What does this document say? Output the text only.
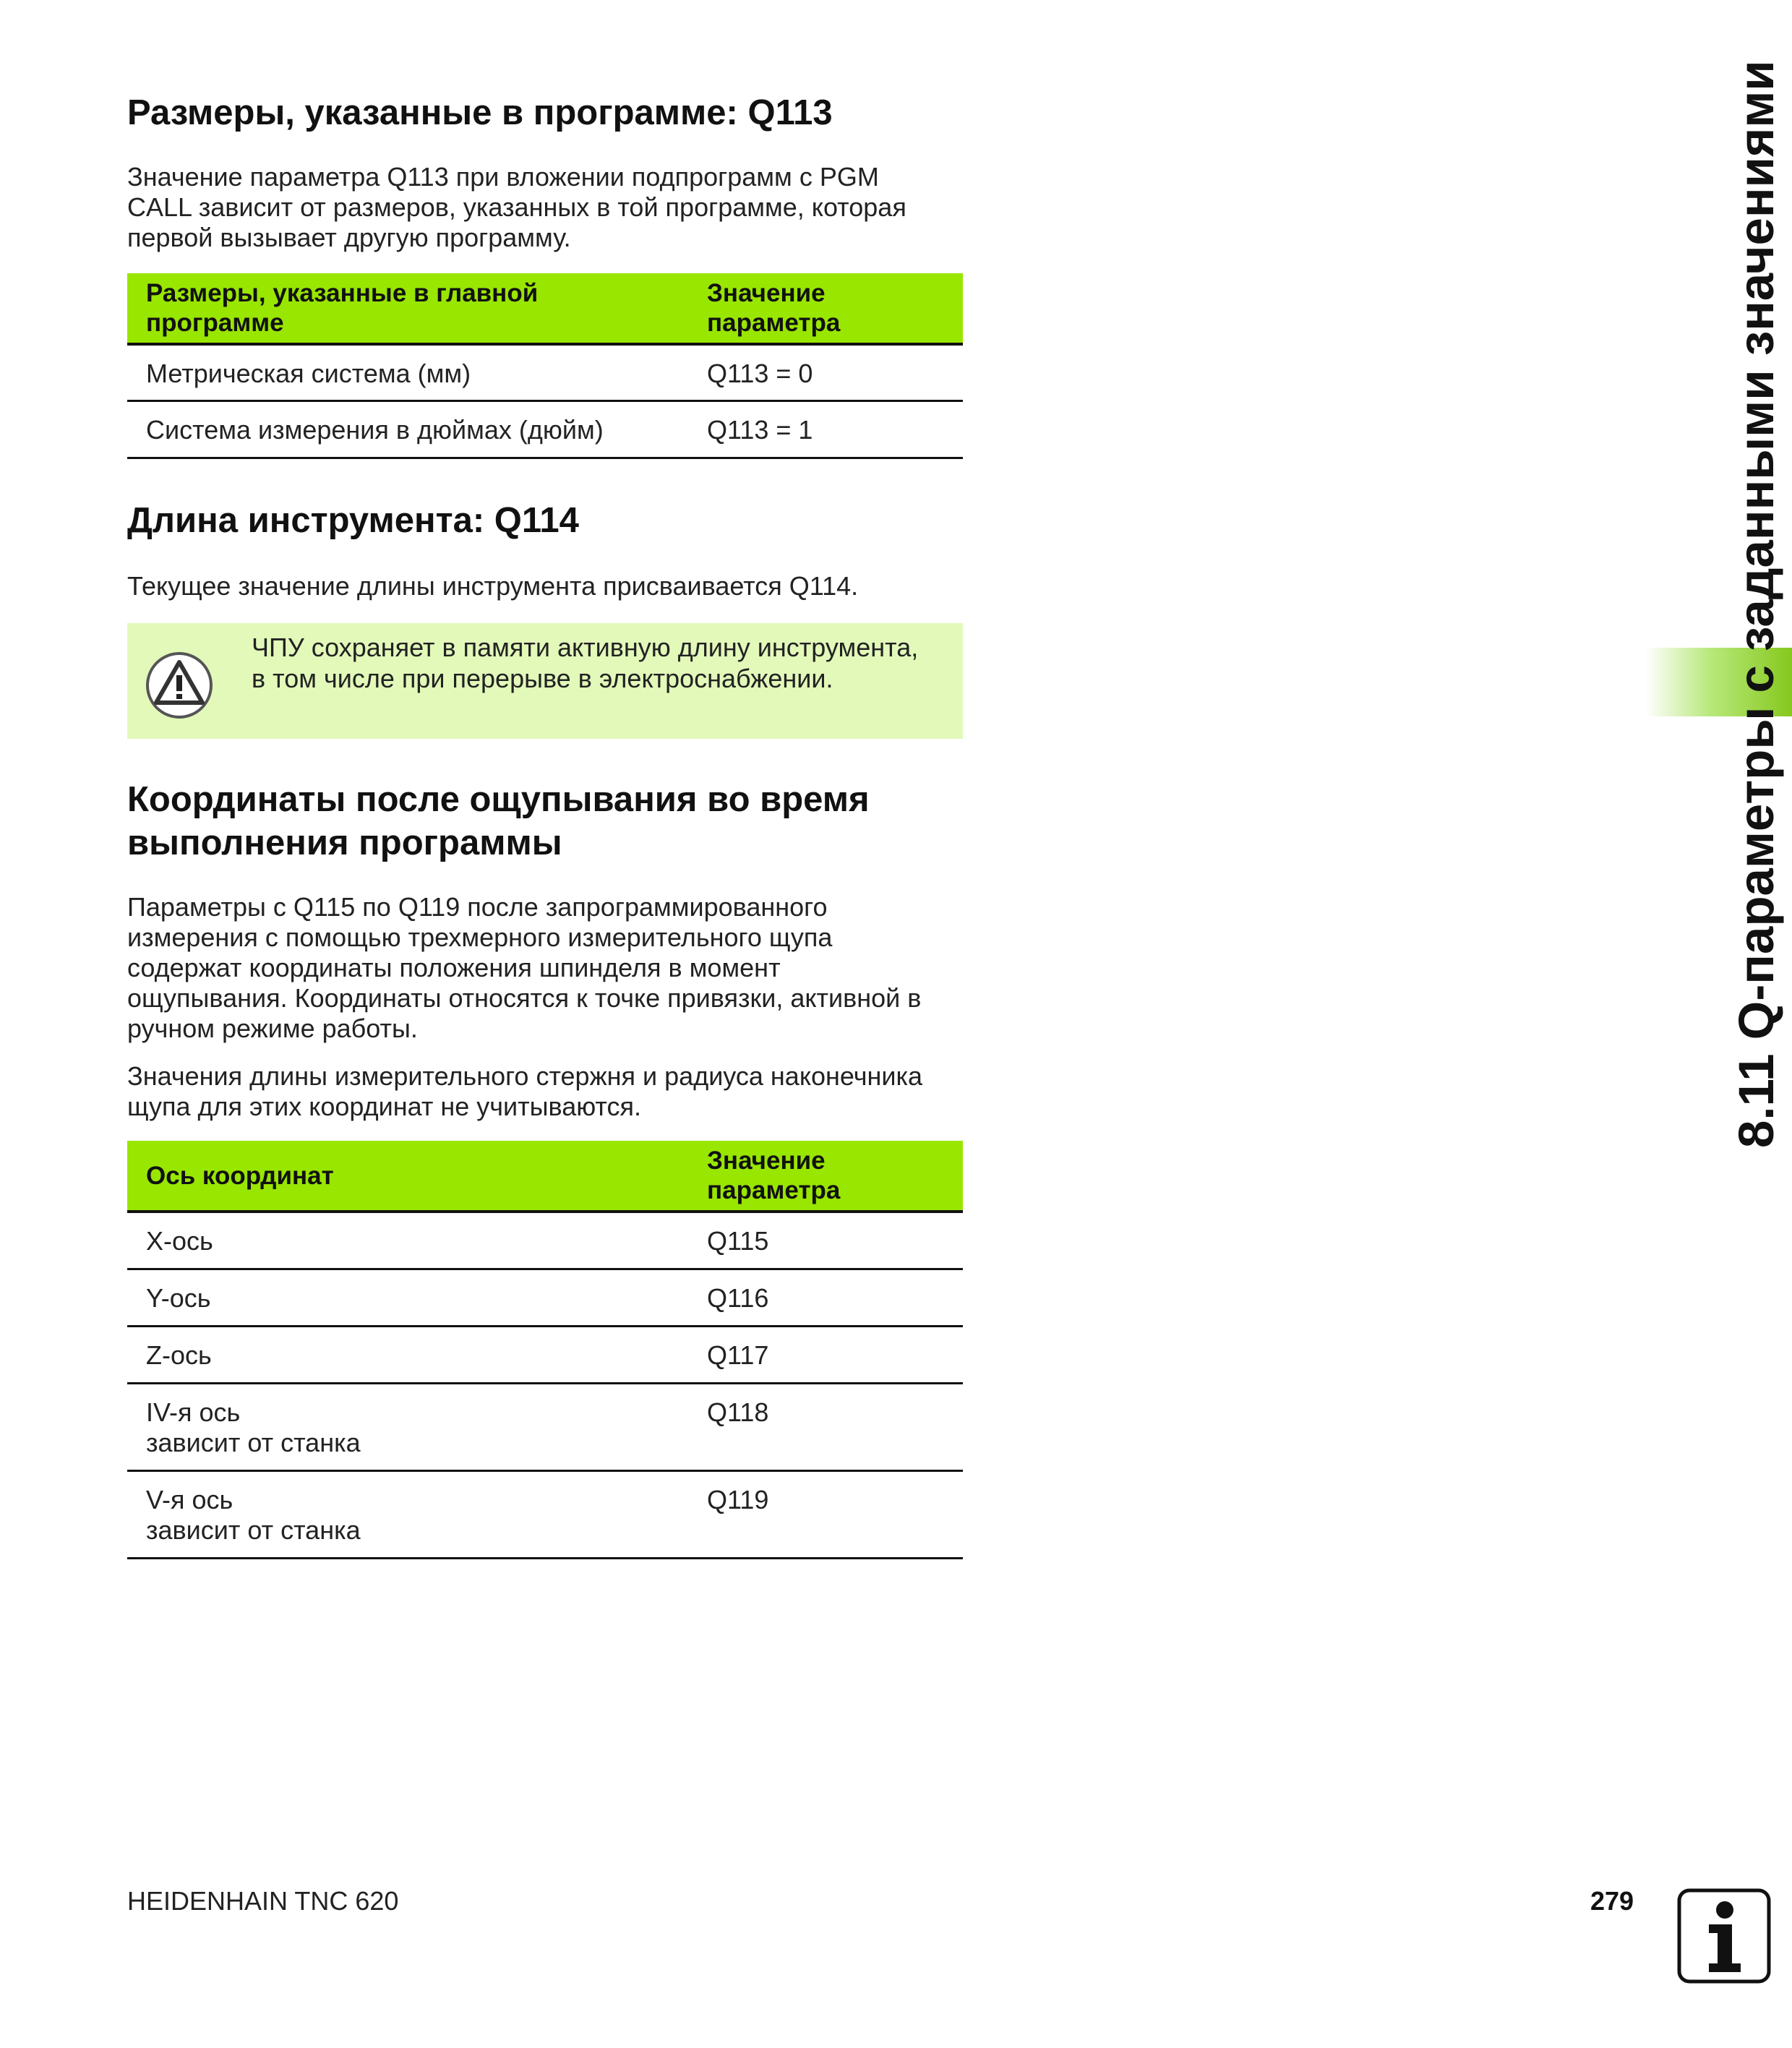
Размеры, указанные в программе: Q113

Значение параметра Q113 при вложении подпрограмм с PGM
CALL зависит от размеров, указанных в той программе, которая
первой вызывает другую программу.

Размеры, указанные в главной
программе	Значение
параметра
Метрическая система (мм)	Q113 = 0
Система измерения в дюймах (дюйм)	Q113 = 1
Длина инструмента: Q114

Текущее значение длины инструмента присваивается Q114.

ЧПУ сохраняет в памяти активную длину инструмента,
в том числе при перерыве в электроснабжении.

Координаты после ощупывания во время
выполнения программы

Параметры с Q115 по Q119 после запрограммированного
измерения с помощью трехмерного измерительного щупа
содержат координаты положения шпинделя в момент
ощупывания. Координаты относятся к точке привязки, активной в
ручном режиме работы.

Значения длины измерительного стержня и радиуса наконечника
щупа для этих координат не учитываются.

Ось координат	Значение
параметра
X-ось	Q115
Y-ось	Q116
Z-ось	Q117
IV-я ось
зависит от станка	Q118
V-я ось
зависит от станка	Q119
8.11 Q-параметры с заданными значениями
HEIDENHAIN TNC 620	279
